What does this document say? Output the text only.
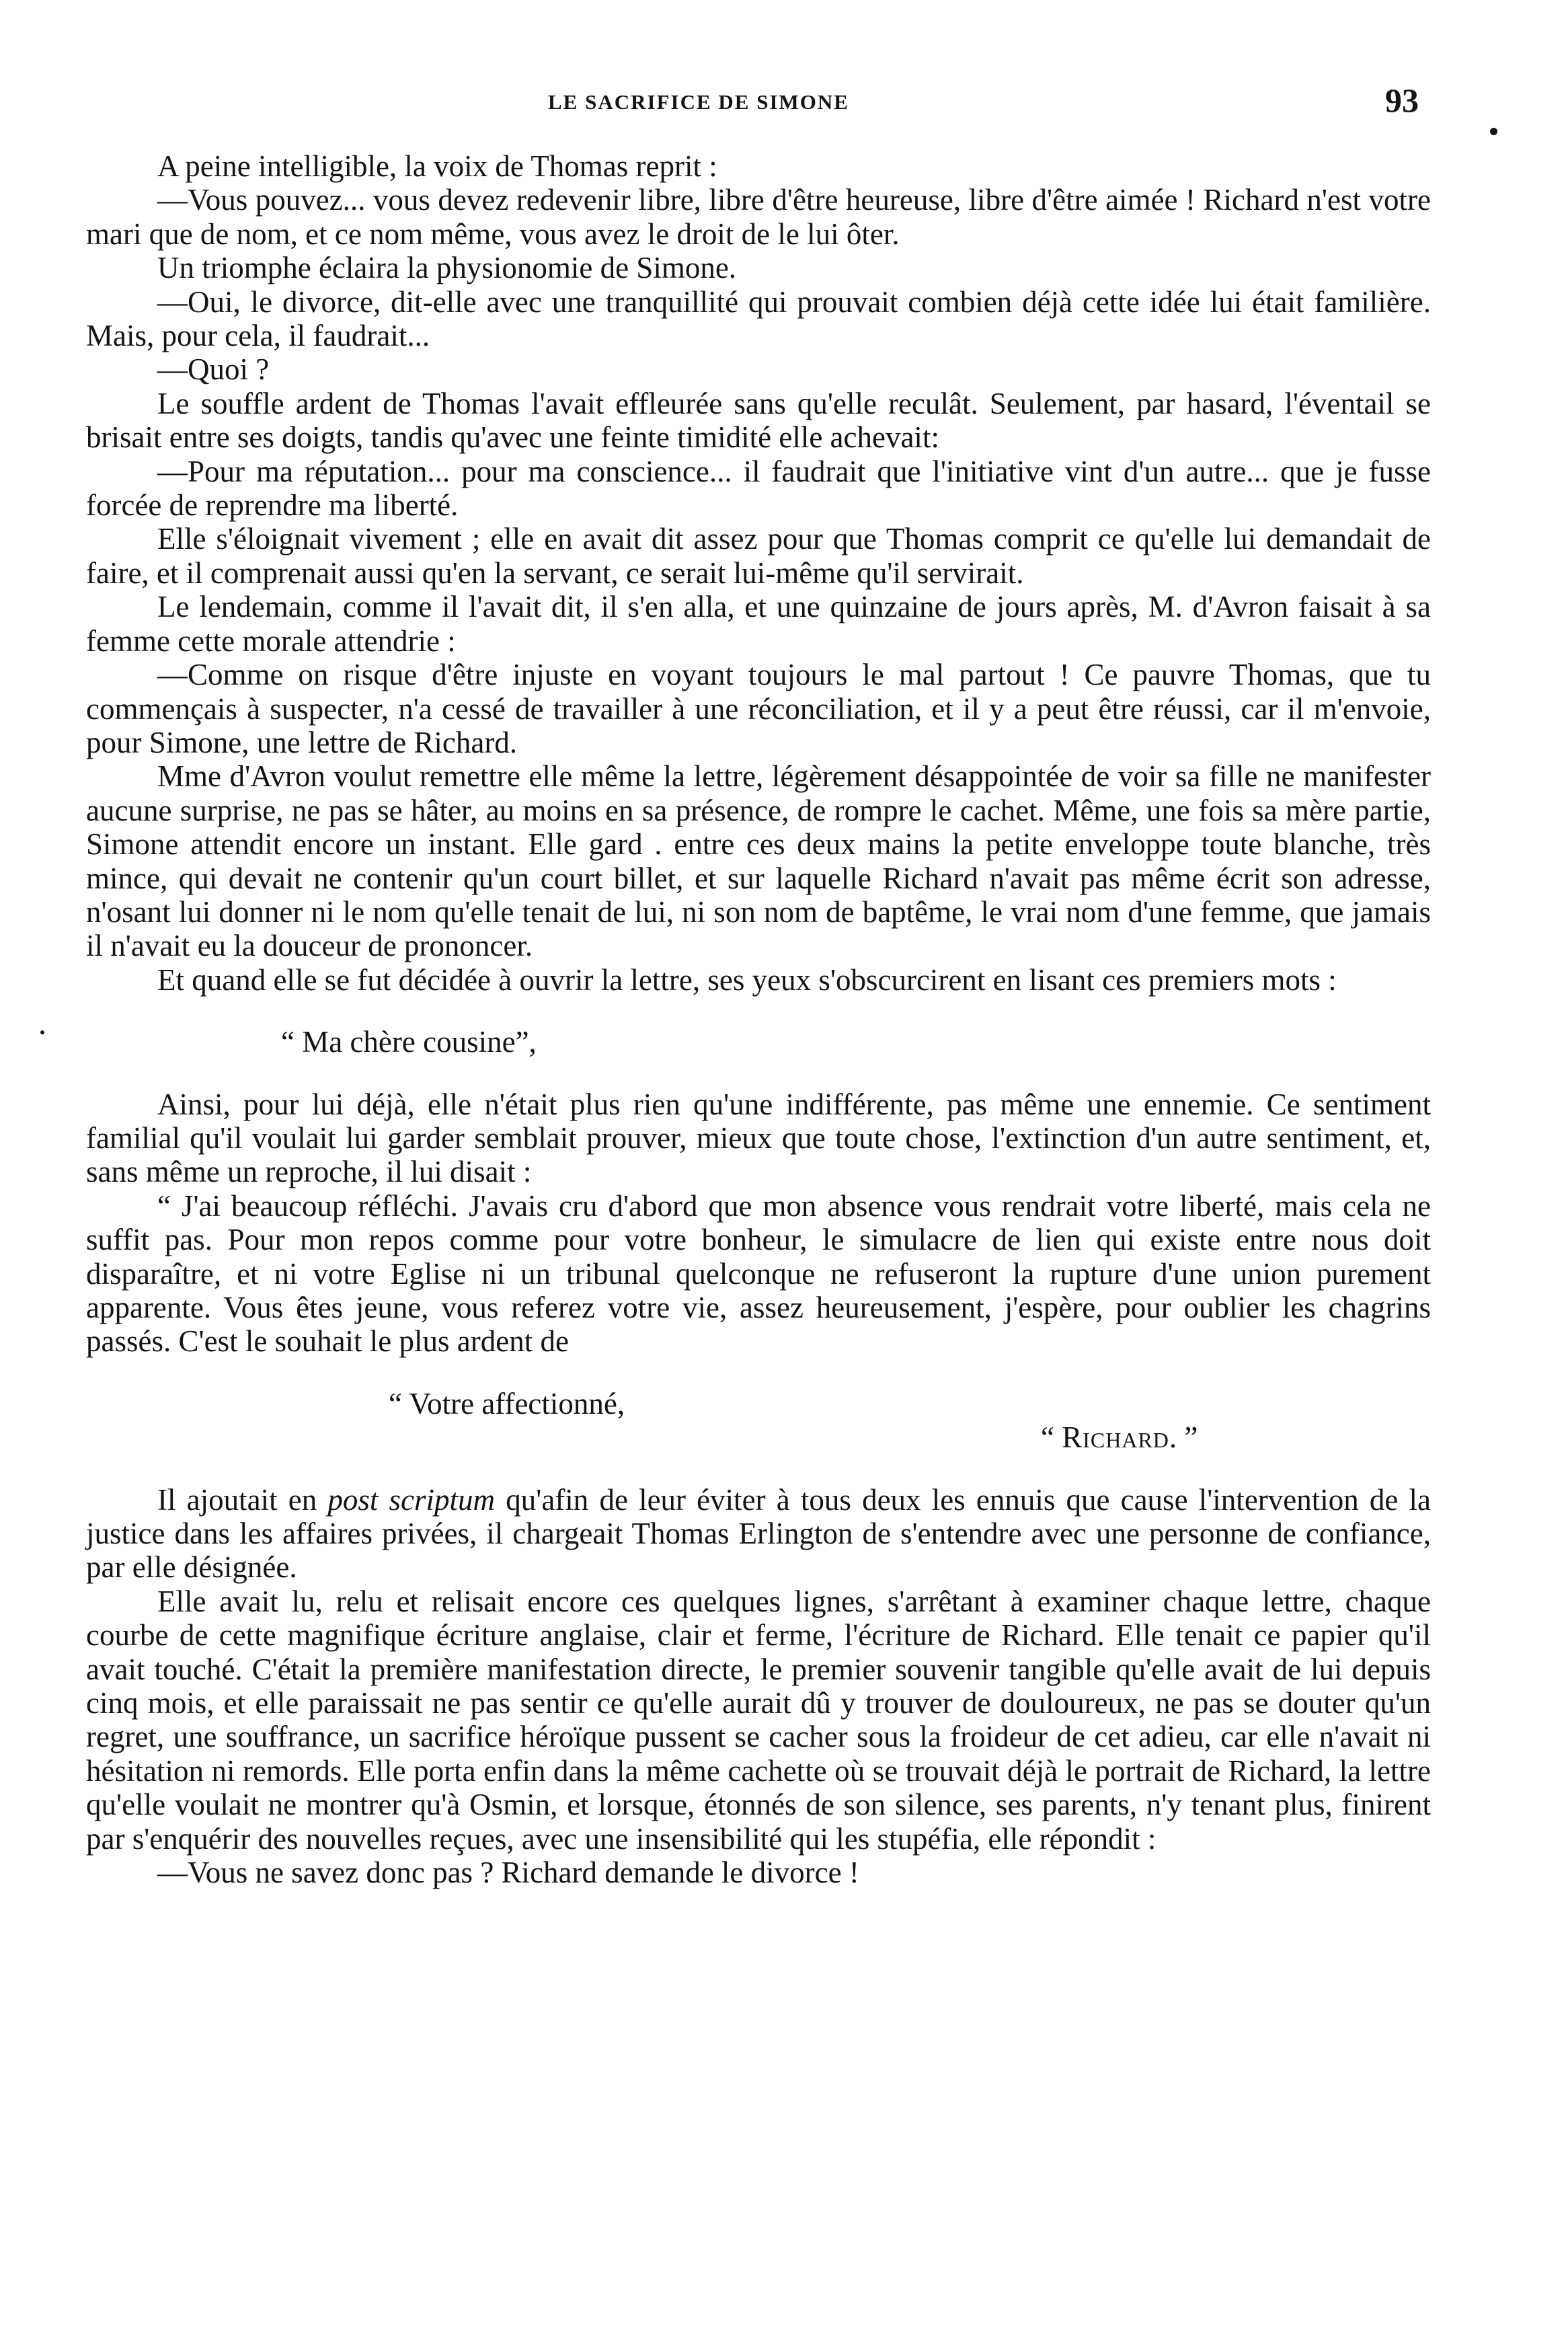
LE SACRIFICE DE SIMONE	93

A peine intelligible, la voix de Thomas reprit :

—Vous pouvez... vous devez redevenir libre, libre d'être heureuse, libre d'être aimée ! Richard n'est votre mari que de nom, et ce nom même, vous avez le droit de le lui ôter.

Un triomphe éclaira la physionomie de Simone.

—Oui, le divorce, dit-elle avec une tranquillité qui prouvait combien déjà cette idée lui était familière. Mais, pour cela, il faudrait...

—Quoi ?

Le souffle ardent de Thomas l'avait effleurée sans qu'elle reculât. Seulement, par hasard, l'éventail se brisait entre ses doigts, tandis qu'avec une feinte timidité elle achevait:

—Pour ma réputation... pour ma conscience... il faudrait que l'initiative vint d'un autre... que je fusse forcée de reprendre ma liberté.

Elle s'éloignait vivement ; elle en avait dit assez pour que Thomas comprit ce qu'elle lui demandait de faire, et il comprenait aussi qu'en la servant, ce serait lui-même qu'il servirait.

Le lendemain, comme il l'avait dit, il s'en alla, et une quinzaine de jours après, M. d'Avron faisait à sa femme cette morale attendrie :

—Comme on risque d'être injuste en voyant toujours le mal partout ! Ce pauvre Thomas, que tu commençais à suspecter, n'a cessé de travailler à une réconciliation, et il y a peut être réussi, car il m'envoie, pour Simone, une lettre de Richard.

Mme d'Avron voulut remettre elle même la lettre, légèrement désappointée de voir sa fille ne manifester aucune surprise, ne pas se hâter, au moins en sa présence, de rompre le cachet. Même, une fois sa mère partie, Simone attendit encore un instant. Elle gard . entre ces deux mains la petite enveloppe toute blanche, très mince, qui devait ne contenir qu'un court billet, et sur laquelle Richard n'avait pas même écrit son adresse, n'osant lui donner ni le nom qu'elle tenait de lui, ni son nom de baptême, le vrai nom d'une femme, que jamais il n'avait eu la douceur de prononcer.

Et quand elle se fut décidée à ouvrir la lettre, ses yeux s'obscurcirent en lisant ces premiers mots :

“ Ma chère cousine”,

Ainsi, pour lui déjà, elle n'était plus rien qu'une indifférente, pas même une ennemie. Ce sentiment familial qu'il voulait lui garder semblait prouver, mieux que toute chose, l'extinction d'un autre sentiment, et, sans même un reproche, il lui disait :

“ J'ai beaucoup réfléchi. J'avais cru d'abord que mon absence vous rendrait votre liberté, mais cela ne suffit pas. Pour mon repos comme pour votre bonheur, le simulacre de lien qui existe entre nous doit disparaître, et ni votre Eglise ni un tribunal quelconque ne refuseront la rupture d'une union purement apparente. Vous êtes jeune, vous referez votre vie, assez heureusement, j'espère, pour oublier les chagrins passés. C'est le souhait le plus ardent de

“ Votre affectionné,
“ Richard. ”

Il ajoutait en post scriptum qu'afin de leur éviter à tous deux les ennuis que cause l'intervention de la justice dans les affaires privées, il chargeait Thomas Erlington de s'entendre avec une personne de confiance, par elle désignée.

Elle avait lu, relu et relisait encore ces quelques lignes, s'arrêtant à examiner chaque lettre, chaque courbe de cette magnifique écriture anglaise, clair et ferme, l'écriture de Richard. Elle tenait ce papier qu'il avait touché. C'était la première manifestation directe, le premier souvenir tangible qu'elle avait de lui depuis cinq mois, et elle paraissait ne pas sentir ce qu'elle aurait dû y trouver de douloureux, ne pas se douter qu'un regret, une souffrance, un sacrifice héroïque pussent se cacher sous la froideur de cet adieu, car elle n'avait ni hésitation ni remords. Elle porta enfin dans la même cachette où se trouvait déjà le portrait de Richard, la lettre qu'elle voulait ne montrer qu'à Osmin, et lorsque, étonnés de son silence, ses parents, n'y tenant plus, finirent par s'enquérir des nouvelles reçues, avec une insensibilité qui les stupéfia, elle répondit :

—Vous ne savez donc pas ? Richard demande le divorce !
